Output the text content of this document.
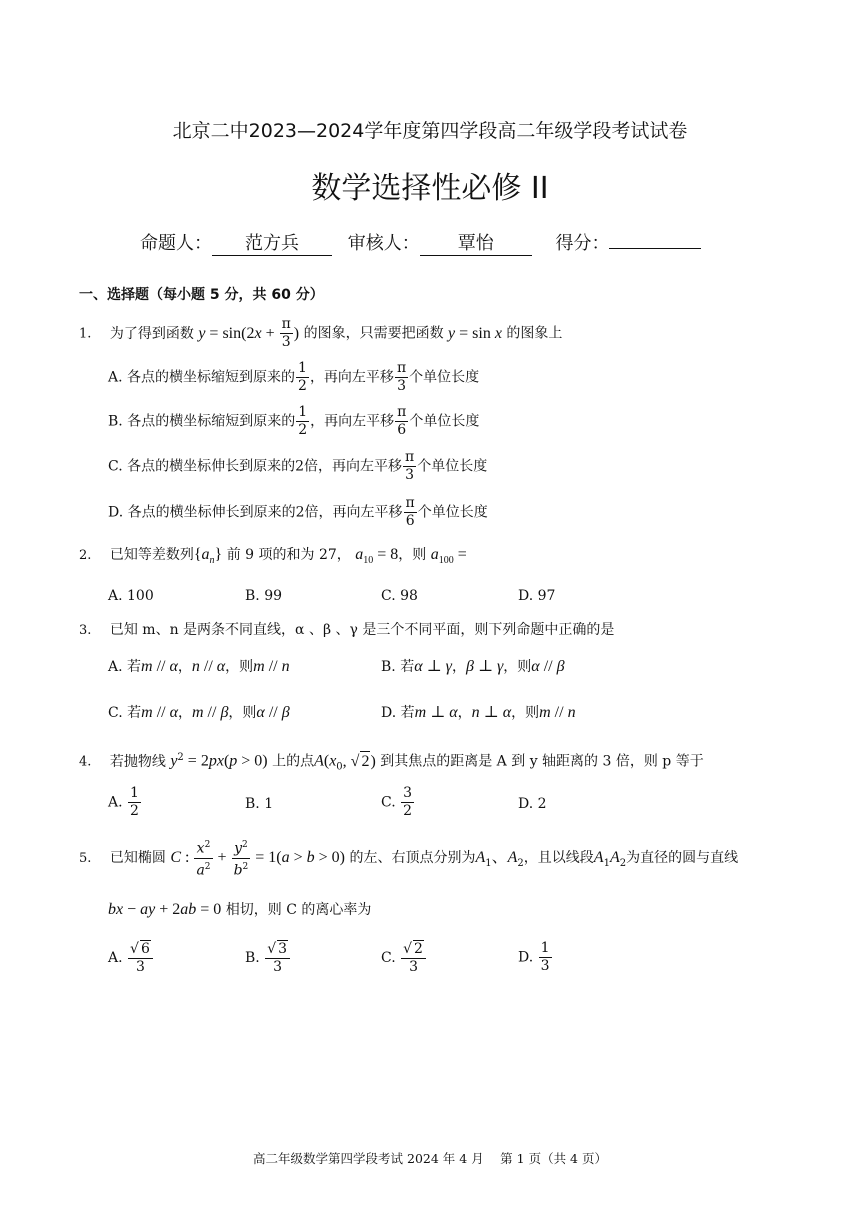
北京二中2023—2024学年度第四学段高二年级学段考试试卷
数学选择性必修 II
命题人： 范方兵	审核人： 覃怡	得分：
一、选择题（每小题 5 分，共 60 分）
1. 为了得到函数 $y = \sin(2x + \frac{\pi}{3}$ ) 的图象，只需要把函数 y = sin x 的图象上
A. 各点的横坐标缩短到原来的 $\frac{1}{2}$ ，再向左平移 $\frac{\pi}{3}$ 个单位长度
B. 各点的横坐标缩短到原来的 $\frac{1}{2}$ ，再向左平移 $\frac{\pi}{6}$ 个单位长度
C. 各点的横坐标伸长到原来的2倍，再向左平移 $\frac{\pi}{3}$ 个单位长度
D. 各点的横坐标伸长到原来的2倍，再向左平移 $\frac{\pi}{6}$ 个单位长度
2. 已知等差数列$\{a_n\}$ 前 9 项的和为 27， $a_{10} = 8$，则 $a_{100}$ =
A. 100	B. 99	C. 98	D. 97
3. 已知 m、n 是两条不同直线，α 、β 、γ 是三个不同平面，则下列命题中正确的是
A. 若m // α，n // α，则m // n	B. 若α ⊥ γ，β ⊥ γ，则α // β
C. 若m // α，m // β，则α // β	D. 若m ⊥ α，n ⊥ α，则m // n
4. 若抛物线 $y^2 = 2px(p > 0)$ 上的点$A(x_0$, √ 2) 到其焦点的距离是 A 到 y 轴距离的 3 倍，则 p 等于
A. $\frac{1}{2}$	B. 1	C. $\frac{3}{2}$	D. 2
5. 已知椭圆 C : $\frac{x^2}{a^2} + \frac{y^2}{b^2} = 1(a > b > 0)$ 的左、右顶点分别为$A_1$、$A_2$，且以线段$A_1A_2$为直径的圆与直线
bx − ay + 2ab = 0 相切，则 C 的离心率为
A. $\frac{√ 6}{3}$	B. $\frac{√ 3}{3}$	C. $\frac{√ 2}{3}$	D. $\frac{1}{3}$
高二年级数学第四学段考试 2024 年 4 月　 第 1 页（共 4 页）
